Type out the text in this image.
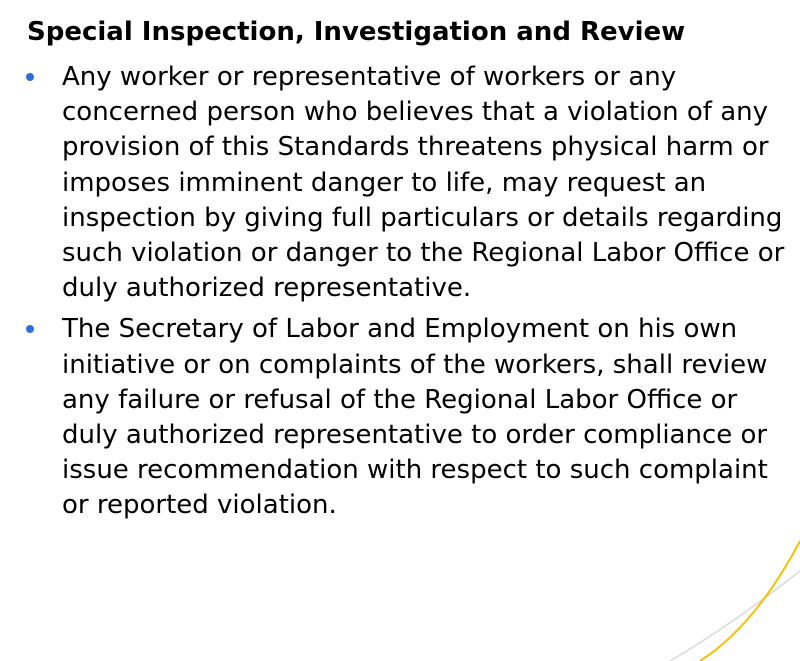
Special Inspection, Investigation and Review
Any worker or representative of workers or any concerned person who believes that a violation of any provision of this Standards threatens physical harm or imposes imminent danger to life, may request an inspection by giving full particulars or details regarding such violation or danger to the Regional Labor Office or duly authorized representative.
The Secretary of Labor and Employment on his own initiative or on complaints of the workers, shall review any failure or refusal of the Regional Labor Office or duly authorized representative to order compliance or issue recommendation with respect to such complaint or reported violation.
